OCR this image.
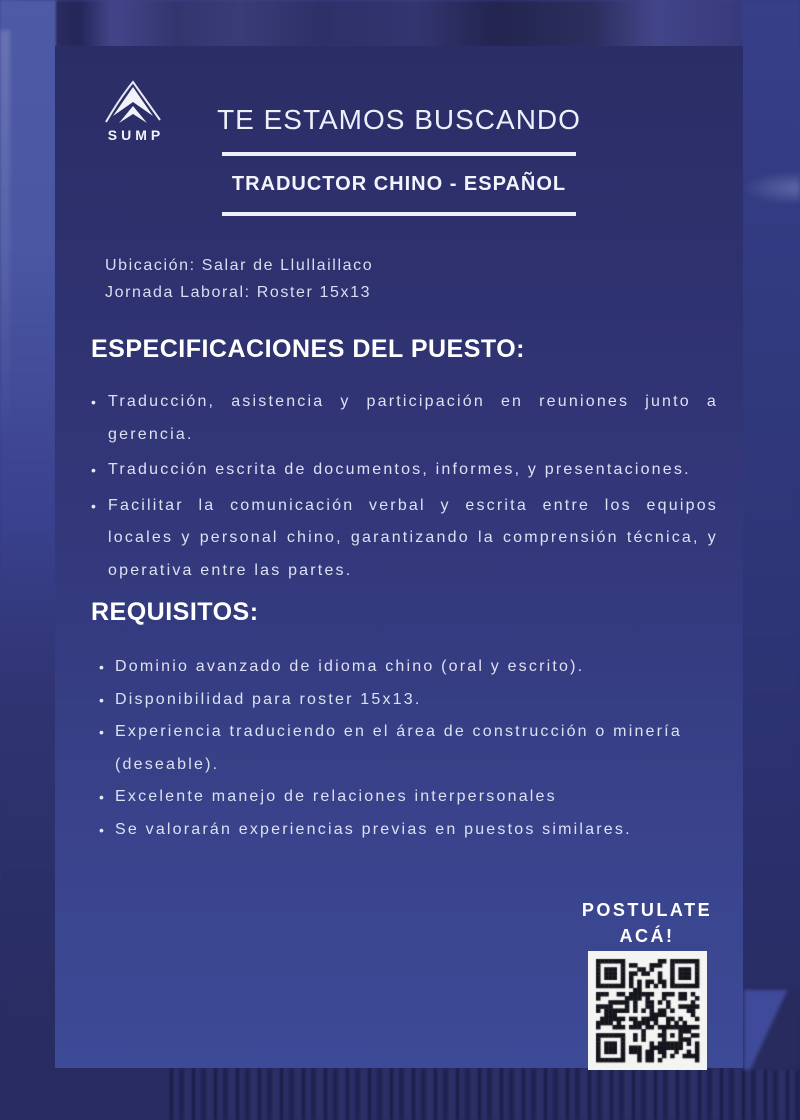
SUMP	TE ESTAMOS BUSCANDO
TRADUCTOR CHINO - ESPAÑOL
Ubicación: Salar de Llullaillaco
Jornada Laboral: Roster 15x13
ESPECIFICACIONES DEL PUESTO:
• Traducción, asistencia y participación en reuniones junto a gerencia.
• Traducción escrita de documentos, informes, y presentaciones.
• Facilitar la comunicación verbal y escrita entre los equipos locales y personal chino, garantizando la comprensión técnica, y operativa entre las partes.
REQUISITOS:
• Dominio avanzado de idioma chino (oral y escrito).
• Disponibilidad para roster 15x13.
• Experiencia traduciendo en el área de construcción o minería (deseable).
• Excelente manejo de relaciones interpersonales
• Se valorarán experiencias previas en puestos similares.
POSTULATE ACÁ!
